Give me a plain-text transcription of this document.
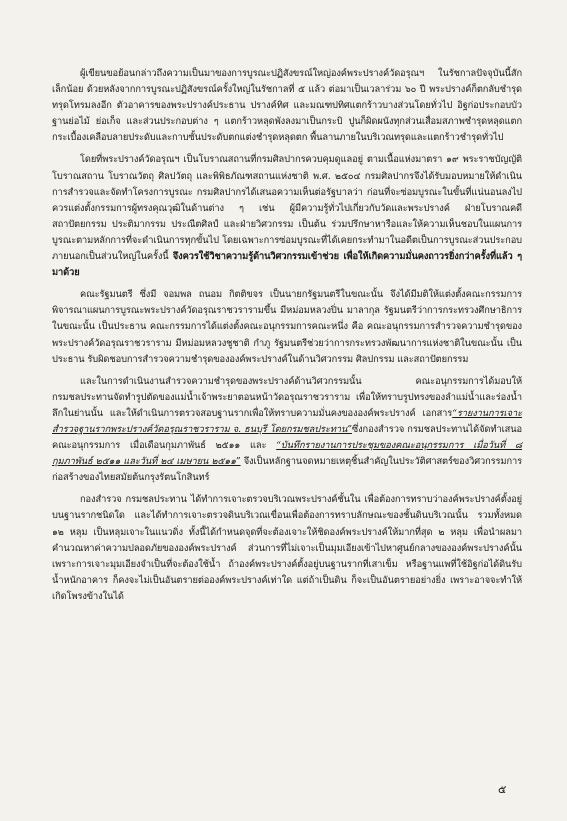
ผู้เขียนขอย้อนกล่าวถึงความเป็นมาของการบูรณะปฏิสังขรณ์ใหญ่องค์พระปรางค์วัดอรุณฯ ในรัชกาลปัจจุบันนี้สักเล็กน้อย ด้วยหลังจากการบูรณะปฏิสังขรณ์ครั้งใหญ่ในรัชกาลที่ ๕ แล้ว ต่อมาเป็นเวลาร่วม ๖๐ ปี พระปรางค์ก็ตกลับชำรุดทรุดโทรมลงอีก ตัวอาคารของพระปรางค์ประธาน ปรางค์ทิศ และมณฑปทิศแตกร้าวบางส่วนโดยทั่วไป อิฐก่อประกอบบัว ฐานย่อไม้ ย่อเก็จ และส่วนประกอบต่าง ๆ แตกร้าวหลุดพังลงมาเป็นกระบิ ปูนก็ผิดผนังทุกส่วนเสื่อมสภาพชำรุดหลุดแตก กระเบื้องเคลือบลายประดับและกาบซั้นประดับตกแต่งชำรุดหลุดตก พื้นลานภายในบริเวณทรุดและแตกร้าวชำรุดทั่วไป

โดยที่พระปรางค์วัดอรุณฯ เป็นโบราณสถานที่กรมศิลปากรควบคุมดูแลอยู่ ตามเนื้อแห่งมาตรา ๑๙ พระราชบัญญัติโบราณสถาน โบราณวัตถุ ศิลปวัตถุ และพิพิธภัณฑสถานแห่งชาติ พ.ศ. ๒๕๐๔ กรมศิลปากรจึงได้รับมอบหมายให้ดำเนินการสำรวจและจัดทำโครงการบูรณะ กรมศิลปากรได้เสนอความเห็นต่อรัฐบาลว่า ก่อนที่จะซ่อมบูรณะในขั้นที่แน่นอนลงไป ควรแต่งตั้งกรรมการผู้ทรงคุณวุฒิในด้านต่าง ๆ เช่น ผู้มีความรู้ทั่วไปเกี่ยวกับวัดและพระปรางค์ ฝ่ายโบราณคดี สถาปัตยกรรม ประติมากรรม ประณีตศิลป์ และฝ่ายวิศวกรรม เป็นต้น ร่วมปรึกษาหารือและให้ความเห็นชอบในแผนการบูรณะตามหลักการที่จะดำเนินการทุกขั้นไป โดยเฉพาะการซ่อมบูรณะที่ได้เคยกระทำมาในอดีตเป็นการบูรณะส่วนประกอบภายนอกเป็นส่วนใหญ่ในครั้งนี้ จึงควรใช้วิชาความรู้ด้านวิศวกรรมเข้าช่วย เพื่อให้เกิดความมั่นคงถาวรยิ่งกว่าครั้งที่แล้ว ๆ มาด้วย

คณะรัฐมนตรี ซึ่งมี จอมพล ถนอม กิตติขจร เป็นนายกรัฐมนตรีในขณะนั้น จึงได้มีมติให้แต่งตั้งคณะกรรมการพิจารณาแผนการบูรณะพระปรางค์วัดอรุณราชวรารามขึ้น มีหม่อมหลวงปิ่น มาลากุล รัฐมนตรีว่าการกระทรวงศึกษาธิการในขณะนั้น เป็นประธาน คณะกรรมการได้แต่งตั้งคณะอนุกรรมการคณะหนึ่ง คือ คณะอนุกรรมการสำรวจความชำรุดของพระปรางค์วัดอรุณราชวราราม มีหม่อมหลวงชูชาติ กำภู รัฐมนตรีช่วยว่าการกระทรวงพัฒนาการแห่งชาติในขณะนั้น เป็นประธาน รับผิดชอบการสำรวจความชำรุดขององค์พระปรางค์ในด้านวิศวกรรม ศิลปกรรม และสถาปัตยกรรม

และในการดำเนินงานสำรวจความชำรุดของพระปรางค์ด้านวิศวกรรมนั้น คณะอนุกรรมการได้มอบให้กรมชลประทานจัดทำรูปตัดของแม่น้ำเจ้าพระยาตอนหน้าวัดอรุณราชวราราม เพื่อให้ทราบรูปทรงของลำแม่น้ำและร่องน้ำลึกในย่านนั้น และให้ดำเนินการตรวจสอบฐานรากเพื่อให้ทราบความมั่นคงขององค์พระปรางค์ เอกสาร“รายงานการเจาะสำรวจฐานรากพระปรางค์วัดอรุณราชวราราม จ. ธนบุรี โดยกรมชลประทาน”ซึ่งกองสำรวจ กรมชลประทานได้จัดทำเสนอคณะอนุกรรมการ เมื่อเดือนกุมภาพันธ์ ๒๕๑๑ และ “บันทึกรายงานการประชุมของคณะอนุกรรมการ เมื่อวันที่ ๘ กุมภาพันธ์ ๒๕๑๑ และวันที่ ๒๔ เมษายน ๒๕๑๑” จึงเป็นหลักฐานจดหมายเหตุชิ้นสำคัญในประวัติศาสตร์ของวิศวกรรมการก่อสร้างของไทยสมัยต้นกรุงรัตนโกสินทร์

กองสำรวจ กรมชลประทาน ได้ทำการเจาะตรวจบริเวณพระปรางค์ชั้นใน เพื่อต้องการทราบว่าองค์พระปรางค์ตั้งอยู่บนฐานรากชนิดใด และได้ทำการเจาะตรวจดินบริเวณเขื่อนเพื่อต้องการทราบลักษณะของชั้นดินบริเวณนั้น รวมทั้งหมด ๑๒ หลุม เป็นหลุมเจาะในแนวดิ่ง ทั้งนี้ได้กำหนดจุดที่จะต้องเจาะให้ชิดองค์พระปรางค์ให้มากที่สุด ๒ หลุม เพื่อนำผลมาคำนวณหาค่าความปลอดภัยขององค์พระปรางค์ ส่วนการที่ไม่เจาะเป็นมุมเอียงเข้าไปหาศูนย์กลางขององค์พระปรางค์นั้น เพราะการเจาะมุมเอียงจำเป็นที่จะต้องใช้น้ำ ถ้าองค์พระปรางค์ตั้งอยู่บนฐานรากที่เสาเข็ม หรือฐานแพที่ใช้อิฐก่อได้ดินรับน้ำหนักอาคาร ก็คงจะไม่เป็นอันตรายต่อองค์พระปรางค์เท่าใด แต่ถ้าเป็นดิน ก็จะเป็นอันตรายอย่างยิ่ง เพราะอาจจะทำให้เกิดโพรงข้างในได้

๕
